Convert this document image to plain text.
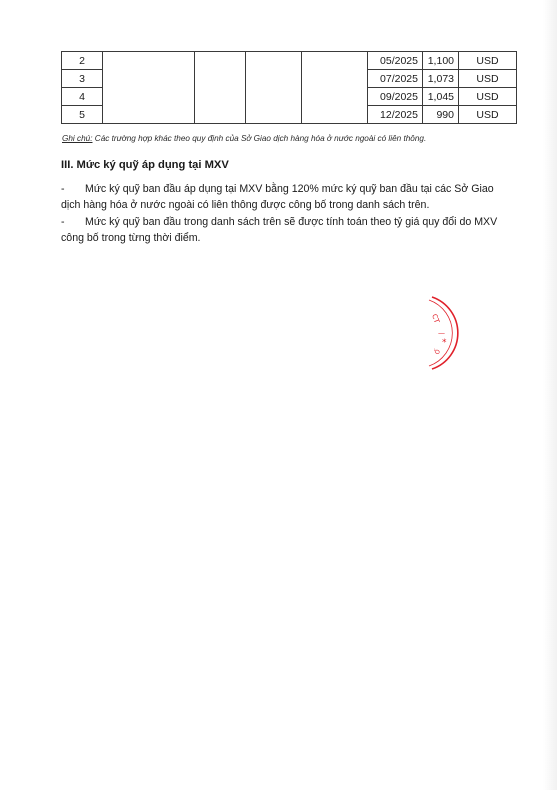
2					05/2025	1,100	USD
3					07/2025	1,073	USD
4					09/2025	1,045	USD
5					12/2025	990	USD
Ghi chú: Các trường hợp khác theo quy định của Sở Giao dịch hàng hóa ở nước ngoài có liên thông.
III. Mức ký quỹ áp dụng tại MXV
- Mức ký quỹ ban đầu áp dụng tại MXV bằng 120% mức ký quỹ ban đầu tại các Sở Giao
dịch hàng hóa ở nước ngoài có liên thông được công bố trong danh sách trên.
- Mức ký quỹ ban đầu trong danh sách trên sẽ được tính toán theo tỷ giá quy đổi do MXV
công bố trong từng thời điểm.
CT
—
*
Ố
